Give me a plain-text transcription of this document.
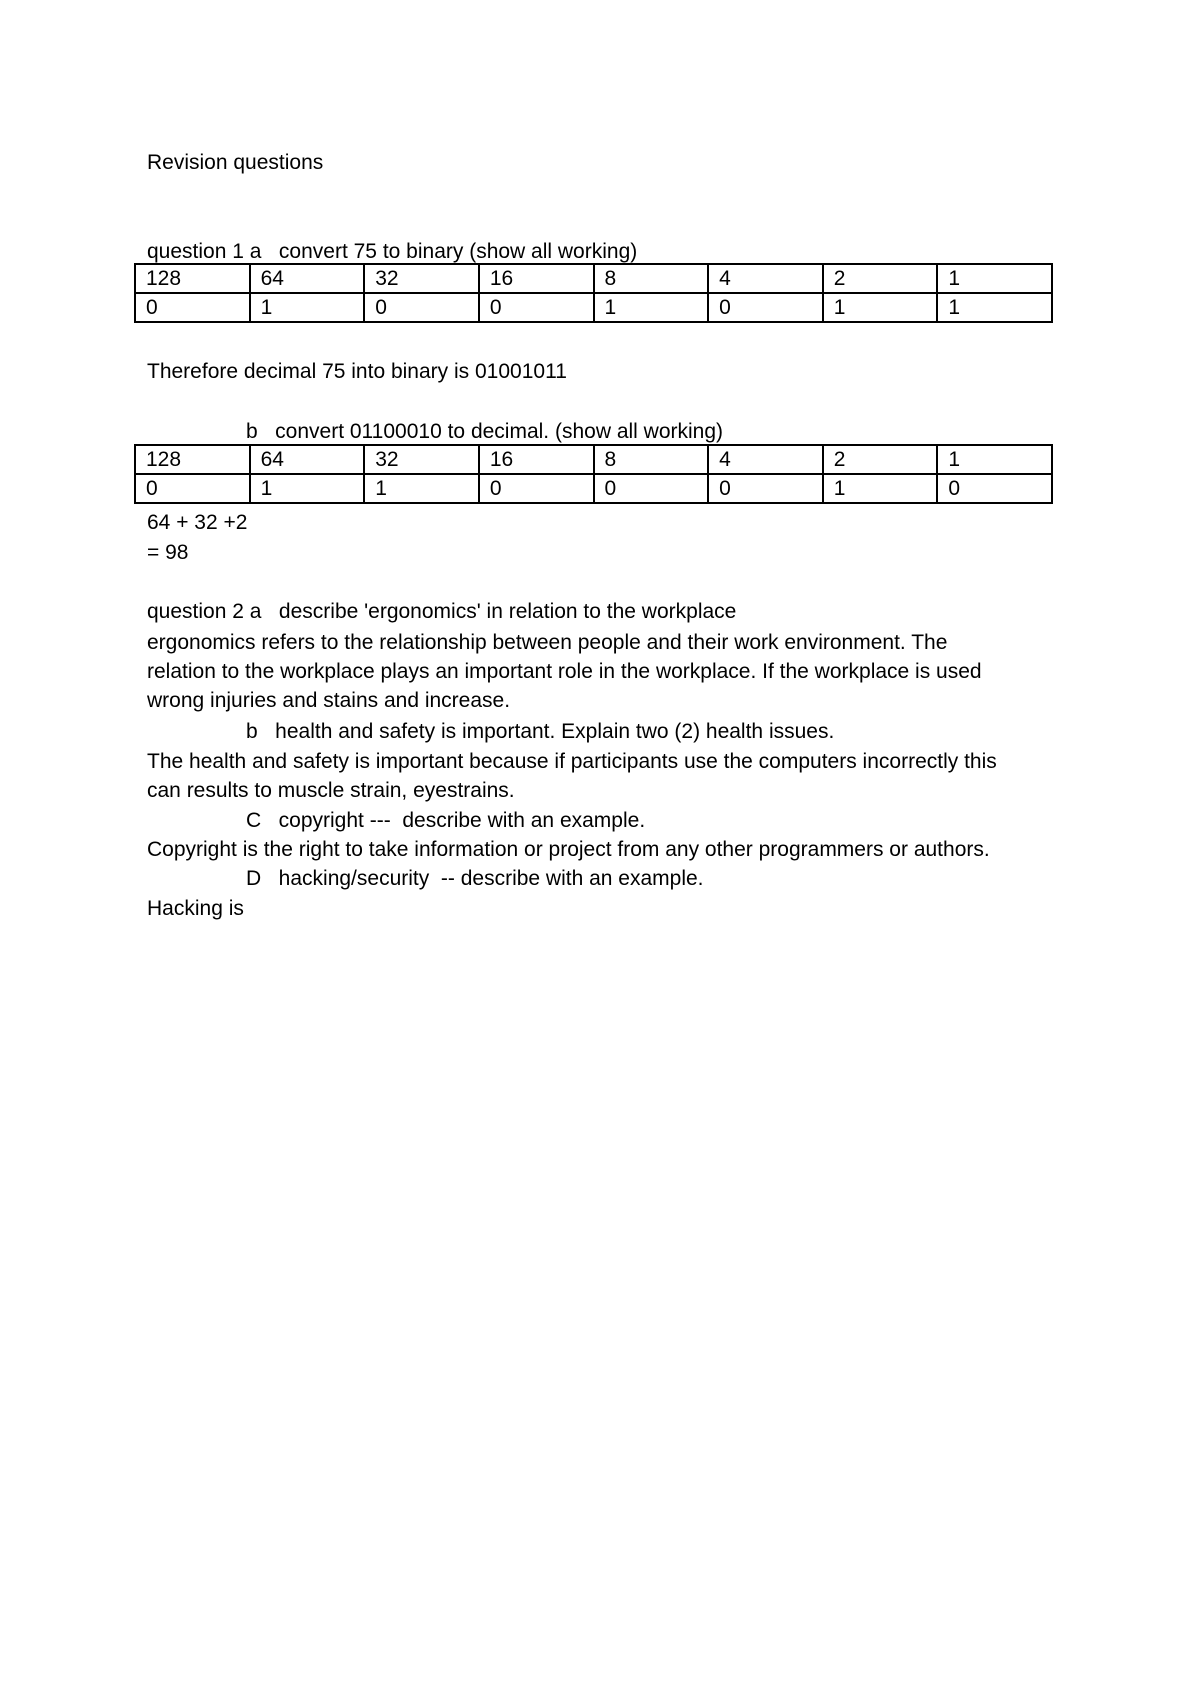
Revision questions

question 1 a   convert 75 to binary (show all working)

128	64	32	16	8	4	2	1
0	1	0	0	1	0	1	1

Therefore decimal 75 into binary is 01001011

b   convert 01100010 to decimal. (show all working)

128	64	32	16	8	4	2	1
0	1	1	0	0	0	1	0

64 + 32 +2

= 98

question 2 a   describe 'ergonomics' in relation to the workplace

ergonomics refers to the relationship between people and their work environment. The
relation to the workplace plays an important role in the workplace. If the workplace is used
wrong injuries and stains and increase.

b   health and safety is important. Explain two (2) health issues.

The health and safety is important because if participants use the computers incorrectly this
can results to muscle strain, eyestrains.

C   copyright ---  describe with an example.

Copyright is the right to take information or project from any other programmers or authors.

D   hacking/security  -- describe with an example.

Hacking is
